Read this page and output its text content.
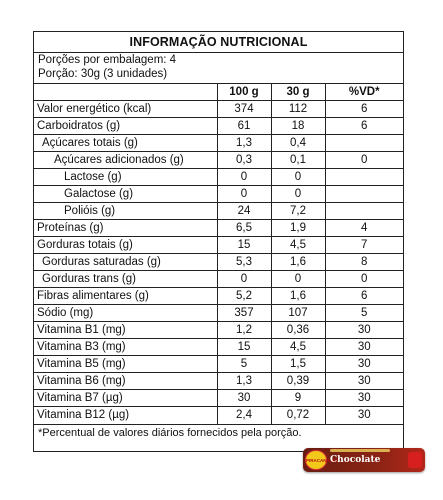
INFORMAÇÃO NUTRICIONAL
Porções por embalagem: 4
Porção: 30g (3 unidades)
	100 g	30 g	%VD*
Valor energético (kcal)	374	112	6
Carboidratos (g)	61	18	6
Açúcares totais (g)	1,3	0,4	
Açúcares adicionados (g)	0,3	0,1	0
Lactose (g)	0	0	
Galactose (g)	0	0	
Polióis (g)	24	7,2	
Proteínas (g)	6,5	1,9	4
Gorduras totais (g)	15	4,5	7
Gorduras saturadas (g)	5,3	1,6	8
Gorduras trans (g)	0	0	0
Fibras alimentares (g)	5,2	1,6	6
Sódio (mg)	357	107	5
Vitamina B1 (mg)	1,2	0,36	30
Vitamina B3 (mg)	15	4,5	30
Vitamina B5 (mg)	5	1,5	30
Vitamina B6 (mg)	1,3	0,39	30
Vitamina B7 (µg)	30	9	30
Vitamina B12 (µg)	2,4	0,72	30
*Percentual de valores diários fornecidos pela porção.
PIRACANJUBA
Chocolate
